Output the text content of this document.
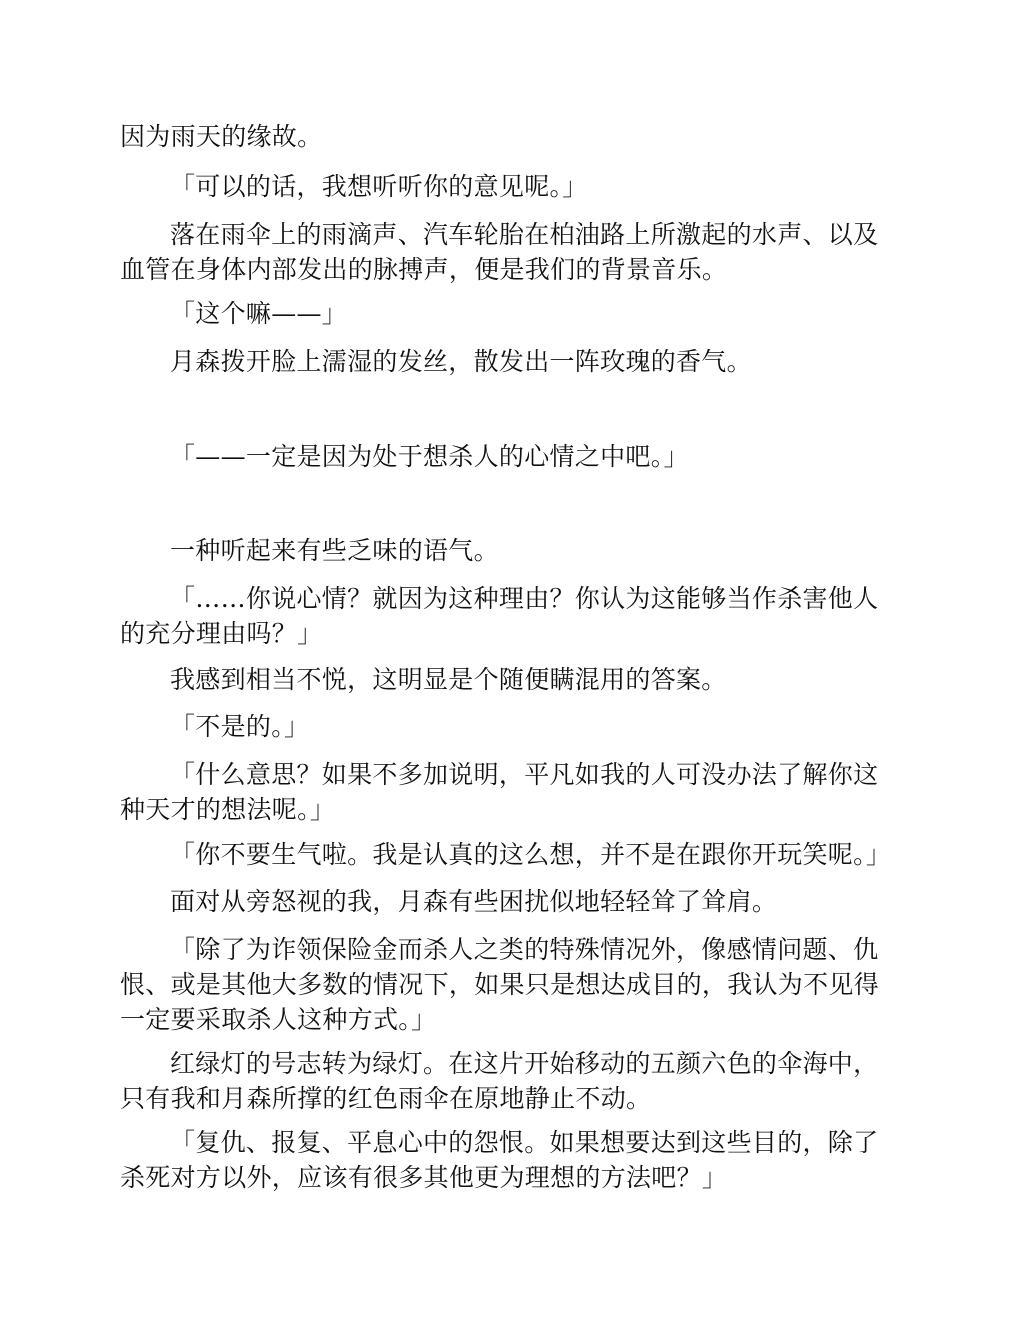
因为雨天的缘故。

「可以的话，我想听听你的意见呢。」

落在雨伞上的雨滴声、汽车轮胎在柏油路上所激起的水声、以及血管在身体内部发出的脉搏声，便是我们的背景音乐。

「这个嘛——」

月森拨开脸上濡湿的发丝，散发出一阵玫瑰的香气。

「——一定是因为处于想杀人的心情之中吧。」

一种听起来有些乏味的语气。

「……你说心情？就因为这种理由？你认为这能够当作杀害他人的充分理由吗？」

我感到相当不悦，这明显是个随便瞒混用的答案。

「不是的。」

「什么意思？如果不多加说明，平凡如我的人可没办法了解你这种天才的想法呢。」

「你不要生气啦。我是认真的这么想，并不是在跟你开玩笑呢。」

面对从旁怒视的我，月森有些困扰似地轻轻耸了耸肩。

「除了为诈领保险金而杀人之类的特殊情况外，像感情问题、仇恨、或是其他大多数的情况下，如果只是想达成目的，我认为不见得一定要采取杀人这种方式。」

红绿灯的号志转为绿灯。在这片开始移动的五颜六色的伞海中，只有我和月森所撑的红色雨伞在原地静止不动。

「复仇、报复、平息心中的怨恨。如果想要达到这些目的，除了杀死对方以外，应该有很多其他更为理想的方法吧？」
